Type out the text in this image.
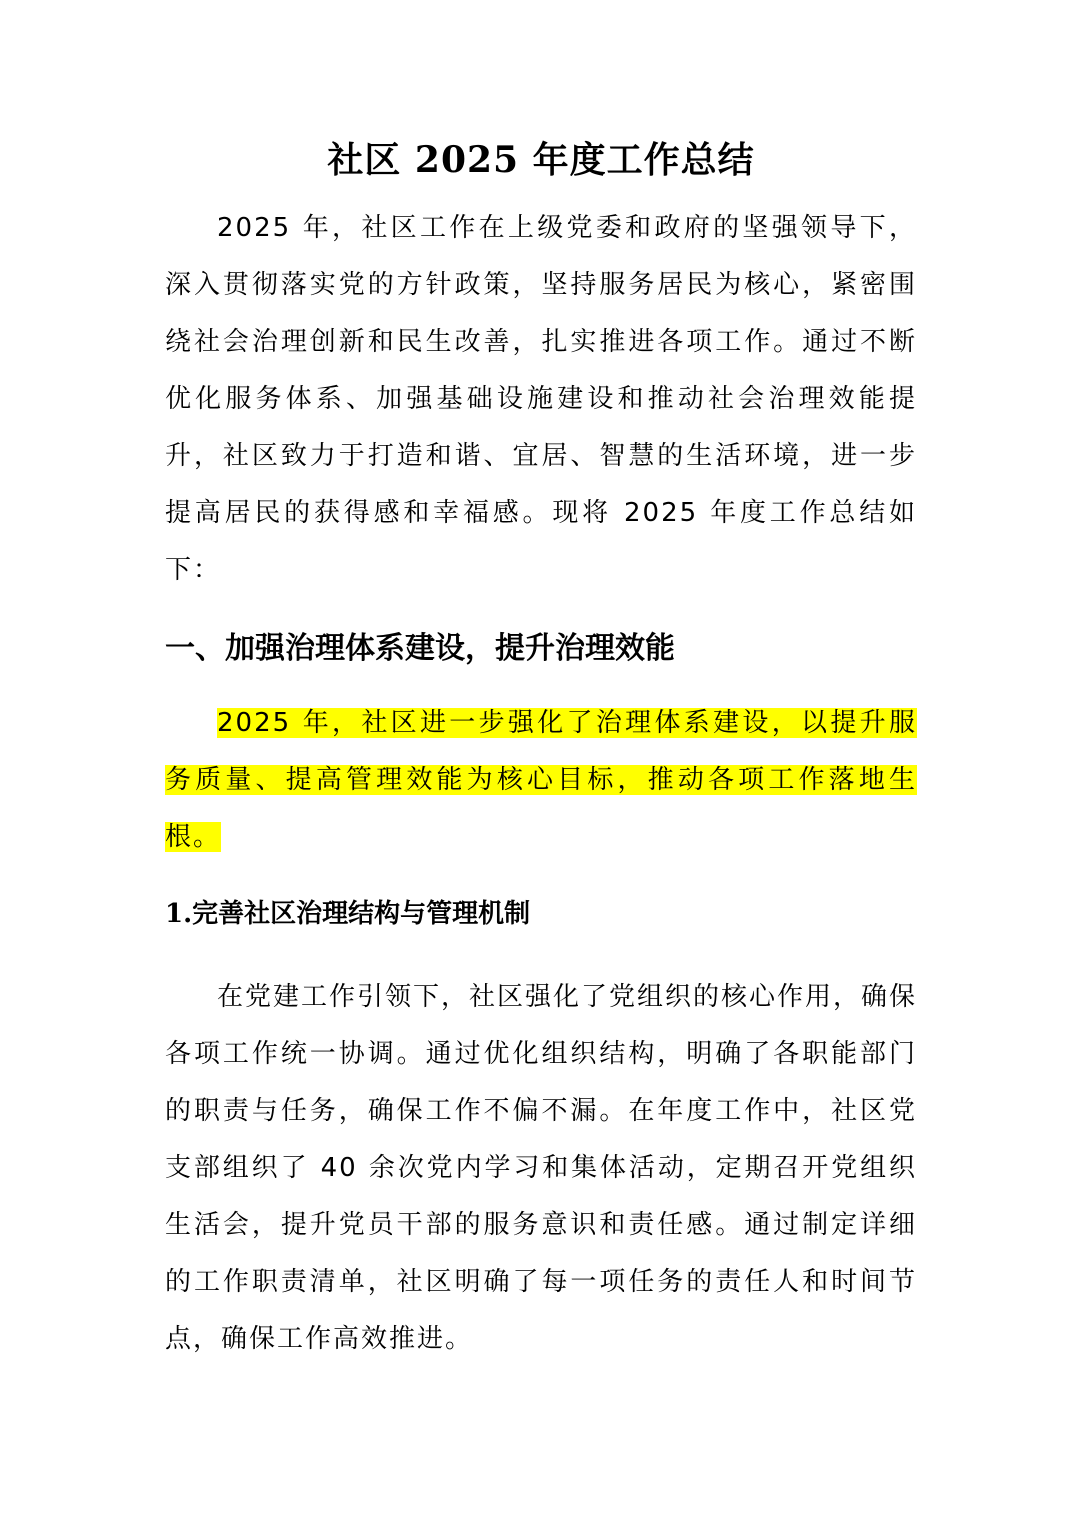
社区 2025 年度工作总结

2025 年，社区工作在上级党委和政府的坚强领导下，深入贯彻落实党的方针政策，坚持服务居民为核心，紧密围绕社会治理创新和民生改善，扎实推进各项工作。通过不断优化服务体系、加强基础设施建设和推动社会治理效能提升，社区致力于打造和谐、宜居、智慧的生活环境，进一步提高居民的获得感和幸福感。现将 2025 年度工作总结如下：

一、加强治理体系建设，提升治理效能

2025 年，社区进一步强化了治理体系建设，以提升服务质量、提高管理效能为核心目标，推动各项工作落地生根。

1.完善社区治理结构与管理机制

在党建工作引领下，社区强化了党组织的核心作用，确保各项工作统一协调。通过优化组织结构，明确了各职能部门的职责与任务，确保工作不偏不漏。在年度工作中，社区党支部组织了 40 余次党内学习和集体活动，定期召开党组织生活会，提升党员干部的服务意识和责任感。通过制定详细的工作职责清单，社区明确了每一项任务的责任人和时间节点，确保工作高效推进。
